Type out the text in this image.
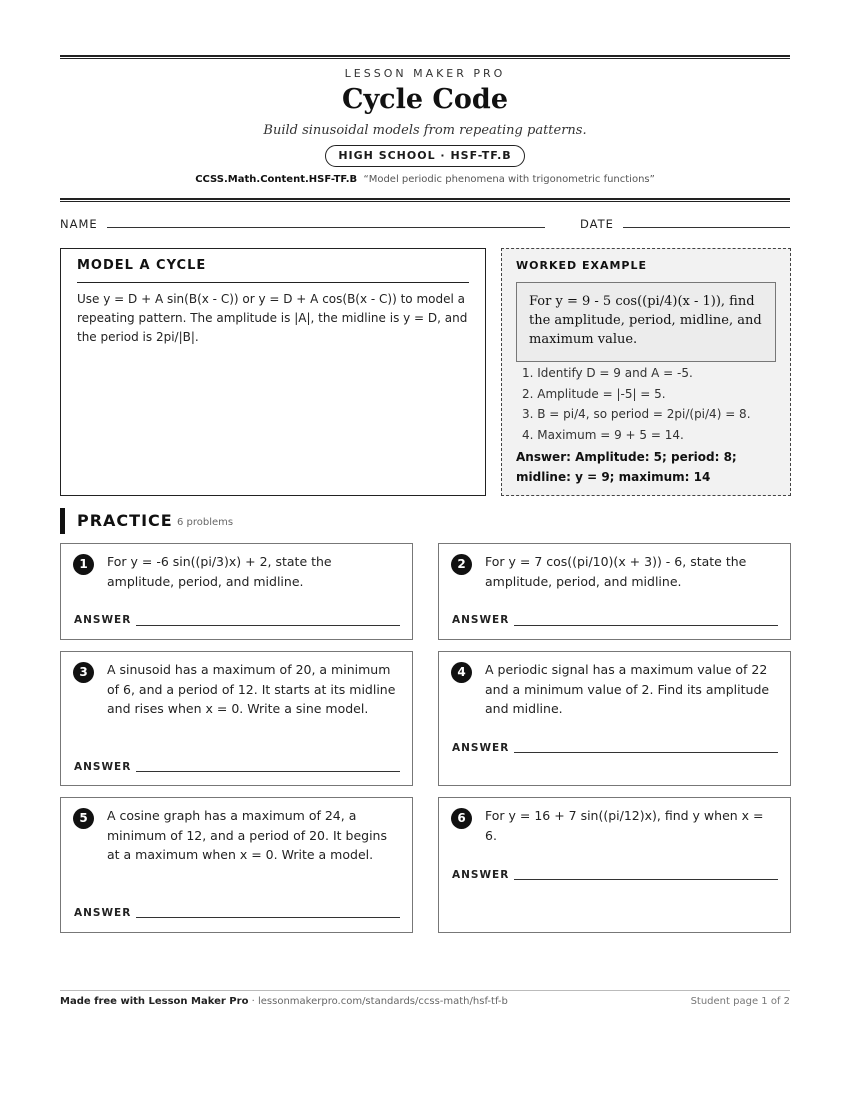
LESSON MAKER PRO
Cycle Code
Build sinusoidal models from repeating patterns.
HIGH SCHOOL · HSF-TF.B
CCSS.Math.Content.HSF-TF.B “Model periodic phenomena with trigonometric functions”
NAME	DATE
MODEL A CYCLE

Use y = D + A sin(B(x - C)) or y = D + A cos(B(x - C)) to model a repeating pattern. The amplitude is |A|, the midline is y = D, and the period is 2pi/|B|.

WORKED EXAMPLE
For y = 9 - 5 cos((pi/4)(x - 1)), find the amplitude, period, midline, and maximum value.
1. Identify D = 9 and A = -5.
2. Amplitude = |-5| = 5.
3. B = pi/4, so period = 2pi/(pi/4) = 8.
4. Maximum = 9 + 5 = 14.
Answer: Amplitude: 5; period: 8; midline: y = 9; maximum: 14
PRACTICE 6 problems
1	For y = -6 sin((pi/3)x) + 2, state the amplitude, period, and midline.
ANSWER
2	For y = 7 cos((pi/10)(x + 3)) - 6, state the amplitude, period, and midline.
ANSWER
3	A sinusoid has a maximum of 20, a minimum of 6, and a period of 12. It starts at its midline and rises when x = 0. Write a sine model.
ANSWER
4	A periodic signal has a maximum value of 22 and a minimum value of 2. Find its amplitude and midline.
ANSWER
5	A cosine graph has a maximum of 24, a minimum of 12, and a period of 20. It begins at a maximum when x = 0. Write a model.
ANSWER
6	For y = 16 + 7 sin((pi/12)x), find y when x = 6.
ANSWER
Made free with Lesson Maker Pro · lessonmakerpro.com/standards/ccss-math/hsf-tf-b	Student page 1 of 2
